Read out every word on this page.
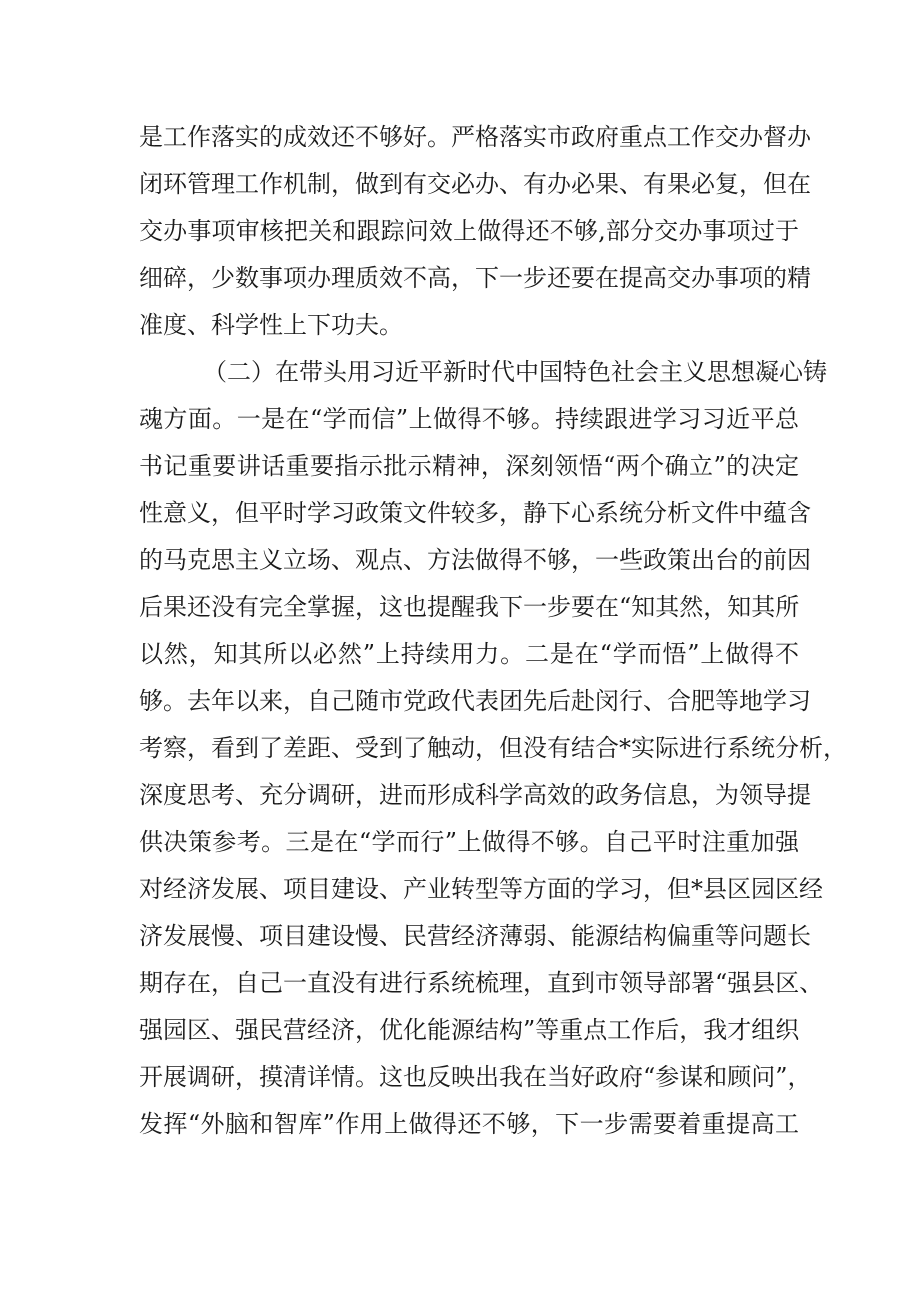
是工作落实的成效还不够好。严格落实市政府重点工作交办督办
闭环管理工作机制，做到有交必办、有办必果、有果必复，但在
交办事项审核把关和跟踪问效上做得还不够,部分交办事项过于
细碎，少数事项办理质效不高，下一步还要在提高交办事项的精
准度、科学性上下功夫。
（二）在带头用习近平新时代中国特色社会主义思想凝心铸
魂方面。一是在“学而信”上做得不够。持续跟进学习习近平总
书记重要讲话重要指示批示精神，深刻领悟“两个确立”的决定
性意义，但平时学习政策文件较多，静下心系统分析文件中蕴含
的马克思主义立场、观点、方法做得不够，一些政策出台的前因
后果还没有完全掌握，这也提醒我下一步要在“知其然，知其所
以然，知其所以必然”上持续用力。二是在“学而悟”上做得不
够。去年以来，自己随市党政代表团先后赴闵行、合肥等地学习
考察，看到了差距、受到了触动，但没有结合*实际进行系统分析，
深度思考、充分调研，进而形成科学高效的政务信息，为领导提
供决策参考。三是在“学而行”上做得不够。自己平时注重加强
对经济发展、项目建设、产业转型等方面的学习，但*县区园区经
济发展慢、项目建设慢、民营经济薄弱、能源结构偏重等问题长
期存在，自己一直没有进行系统梳理，直到市领导部署“强县区、
强园区、强民营经济，优化能源结构”等重点工作后，我才组织
开展调研，摸清详情。这也反映出我在当好政府“参谋和顾问”，
发挥“外脑和智库”作用上做得还不够，下一步需要着重提高工
